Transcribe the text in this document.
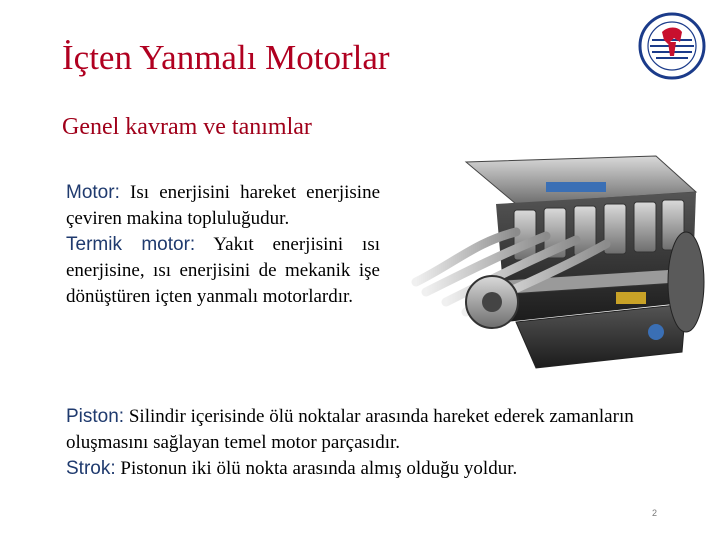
İçten Yanmalı Motorlar
Genel kavram ve tanımlar
Motor: Isı enerjisini hareket enerjisine çeviren makina topluluğudur.
Termik motor: Yakıt enerjisini ısı enerjisine, ısı enerjisini de mekanik işe dönüştüren içten yanmalı motorlardır.
Piston: Silindir içerisinde ölü noktalar arasında hareket ederek zamanların oluşmasını sağlayan temel motor parçasıdır.
Strok: Pistonun iki ölü nokta arasında almış olduğu yoldur.
2
